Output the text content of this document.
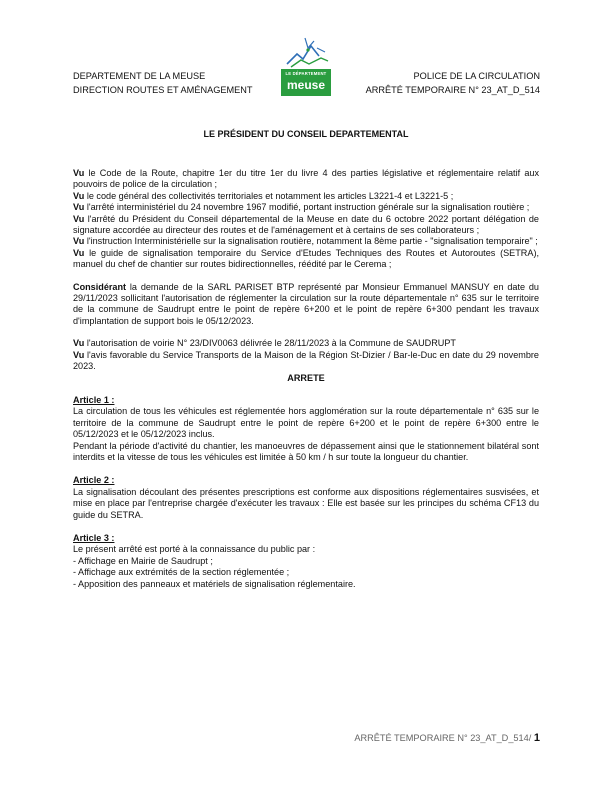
DEPARTEMENT DE LA MEUSE
DIRECTION ROUTES ET AMÉNAGEMENT
LE DÉPARTEMENT
meuse
POLICE DE LA CIRCULATION
ARRÊTÉ TEMPORAIRE N° 23_AT_D_514
LE PRÉSIDENT DU CONSEIL DEPARTEMENTAL

Vu le Code de la Route, chapitre 1er du titre 1er du livre 4 des parties législative et réglementaire relatif aux pouvoirs de police de la circulation ;

Vu le code général des collectivités territoriales et notamment les articles L3221-4 et L3221-5 ;

Vu l'arrêté interministériel du 24 novembre 1967 modifié, portant instruction générale sur la signalisation routière ;

Vu l'arrêté du Président du Conseil départemental de la Meuse en date du 6 octobre 2022 portant délégation de signature accordée au directeur des routes et de l'aménagement et à certains de ses collaborateurs ;

Vu l'instruction Interministérielle sur la signalisation routière, notamment la 8ème partie - "signalisation temporaire" ;

Vu le guide de signalisation temporaire du Service d'Etudes Techniques des Routes et Autoroutes (SETRA), manuel du chef de chantier sur routes bidirectionnelles, réédité par le Cerema ;

Considérant la demande de la SARL PARISET BTP représenté par Monsieur Emmanuel MANSUY en date du 29/11/2023 sollicitant l'autorisation de réglementer la circulation sur la route départementale n° 635 sur le territoire de la commune de Saudrupt entre le point de repère 6+200 et le point de repère 6+300 pendant les travaux d'implantation de support bois le 05/12/2023.

Vu l'autorisation de voirie N° 23/DIV0063 délivrée le 28/11/2023 à la Commune de SAUDRUPT

Vu l'avis favorable du Service Transports de la Maison de la Région St-Dizier / Bar-le-Duc en date du 29 novembre 2023.

ARRETE

Article 1 :

La circulation de tous les véhicules est réglementée hors agglomération sur la route départementale n° 635 sur le territoire de la commune de Saudrupt entre le point de repère 6+200 et le point de repère 6+300 entre le 05/12/2023 et le 05/12/2023 inclus.

Pendant la période d'activité du chantier, les manoeuvres de dépassement ainsi que le stationnement bilatéral sont interdits et la vitesse de tous les véhicules est limitée à 50 km / h sur toute la longueur du chantier.

Article 2 :

La signalisation découlant des présentes prescriptions est conforme aux dispositions réglementaires susvisées, et mise en place par l'entreprise chargée d'exécuter les travaux : Elle est basée sur les principes du schéma CF13 du guide du SETRA.

Article 3 :

Le présent arrêté est porté à la connaissance du public par :

- Affichage en Mairie de Saudrupt ;

- Affichage aux extrémités de la section réglementée ;

- Apposition des panneaux et matériels de signalisation réglementaire.

ARRÊTÉ TEMPORAIRE N° 23_AT_D_514/ 1
